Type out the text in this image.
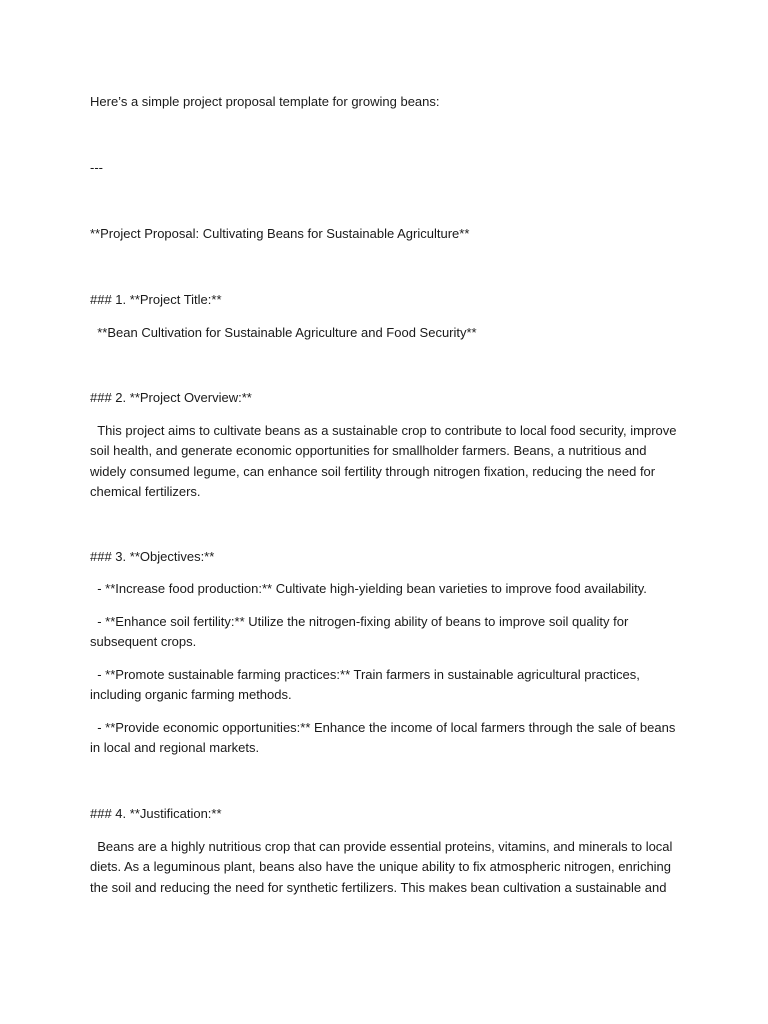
Here’s a simple project proposal template for growing beans:
---
**Project Proposal: Cultivating Beans for Sustainable Agriculture**
### 1. **Project Title:**
**Bean Cultivation for Sustainable Agriculture and Food Security**
### 2. **Project Overview:**
This project aims to cultivate beans as a sustainable crop to contribute to local food security, improve soil health, and generate economic opportunities for smallholder farmers. Beans, a nutritious and widely consumed legume, can enhance soil fertility through nitrogen fixation, reducing the need for chemical fertilizers.
### 3. **Objectives:**
- **Increase food production:** Cultivate high-yielding bean varieties to improve food availability.
- **Enhance soil fertility:** Utilize the nitrogen-fixing ability of beans to improve soil quality for subsequent crops.
- **Promote sustainable farming practices:** Train farmers in sustainable agricultural practices, including organic farming methods.
- **Provide economic opportunities:** Enhance the income of local farmers through the sale of beans in local and regional markets.
### 4. **Justification:**
Beans are a highly nutritious crop that can provide essential proteins, vitamins, and minerals to local diets. As a leguminous plant, beans also have the unique ability to fix atmospheric nitrogen, enriching the soil and reducing the need for synthetic fertilizers. This makes bean cultivation a sustainable and
